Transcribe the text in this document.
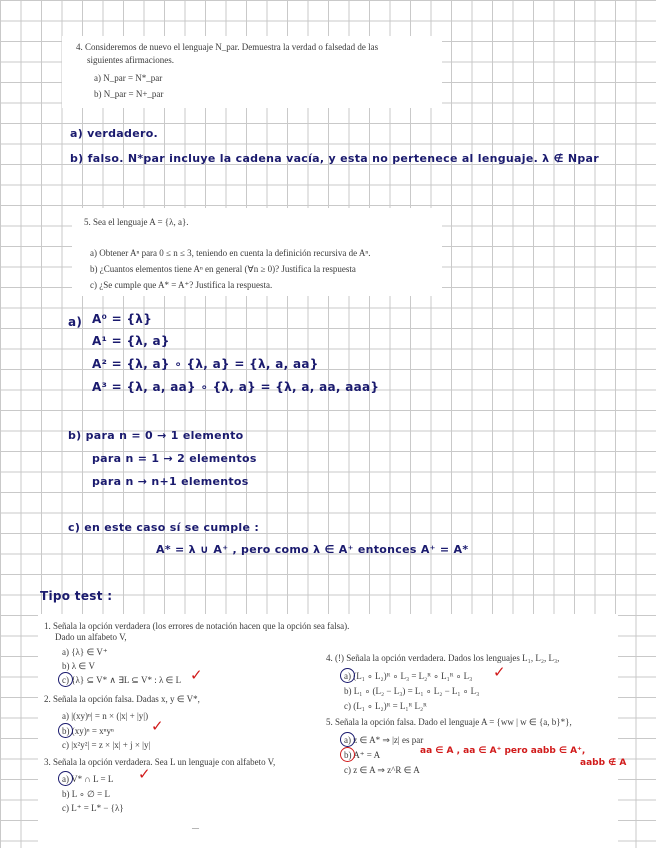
4. Consideremos de nuevo el lenguaje N_par. Demuestra la verdad o falsedad de las
siguientes afirmaciones.
a) N_par = N*_par
b) N_par = N+_par
a) verdadero.
b) falso. N*par incluye la cadena vacía, y esta no pertenece al lenguaje. λ ∉ Npar
5. Sea el lenguaje A = {λ, a}.
a) Obtener Aⁿ para 0 ≤ n ≤ 3, teniendo en cuenta la definición recursiva de Aⁿ.
b) ¿Cuantos elementos tiene Aⁿ en general (∀n ≥ 0)? Justifica la respuesta
c) ¿Se cumple que A* = A⁺? Justifica la respuesta.
a) A⁰ = {λ}
A¹ = {λ, a}
A² = {λ, a} ∘ {λ, a} = {λ, a, aa}
A³ = {λ, a, aa} ∘ {λ, a} = {λ, a, aa, aaa}
b) para n = 0 → 1 elemento
para n = 1 → 2 elementos
para n → n+1 elementos
c) en este caso sí se cumple :
A* = λ ∪ A⁺ , pero como λ ∈ A⁺ entonces A⁺ = A*
Tipo test :
1. Señala la opción verdadera (los errores de notación hacen que la opción sea falsa).
Dado un alfabeto V,
a) {λ} ∈ V⁺
b) λ ∈ V
c) {λ} ⊆ V* ∧ ∃L ⊆ V* : λ ∈ L ✓
2. Señala la opción falsa. Dadas x, y ∈ V*,
a) |(xy)ⁿ| = n × (|x| + |y|)
b) (xy)ⁿ = xⁿyⁿ
c) |x²y²| = z × |x| + j × |y|
✓
3. Señala la opción verdadera. Sea L un lenguaje con alfabeto V,
a) V* ∩ L = L
b) L ∘ ∅ = L
c) L⁺ = L* − {λ}
✓
4. (!) Señala la opción verdadera. Dados los lenguajes L₁, L₂, L₃,
a) (L₁ ∘ L₂)ᴿ ∘ L₃ = L₂ᴿ ∘ L₁ᴿ ∘ L₃
b) L₁ ∘ (L₂ − L₃) = L₁ ∘ L₂ − L₁ ∘ L₃
c) (L₁ ∘ L₂)ᴿ = L₁ᴿ L₂ᴿ
✓
5. Señala la opción falsa. Dado el lenguaje A = {ww | w ∈ {a, b}*},
a) z ∈ A* ⇒ |z| es par
b) A⁺ = A
c) z ∈ A ⇒ z^R ∈ A
aa ∈ A , aa ∈ A⁺ pero aabb ∈ A⁺,
aabb ∉ A
—
